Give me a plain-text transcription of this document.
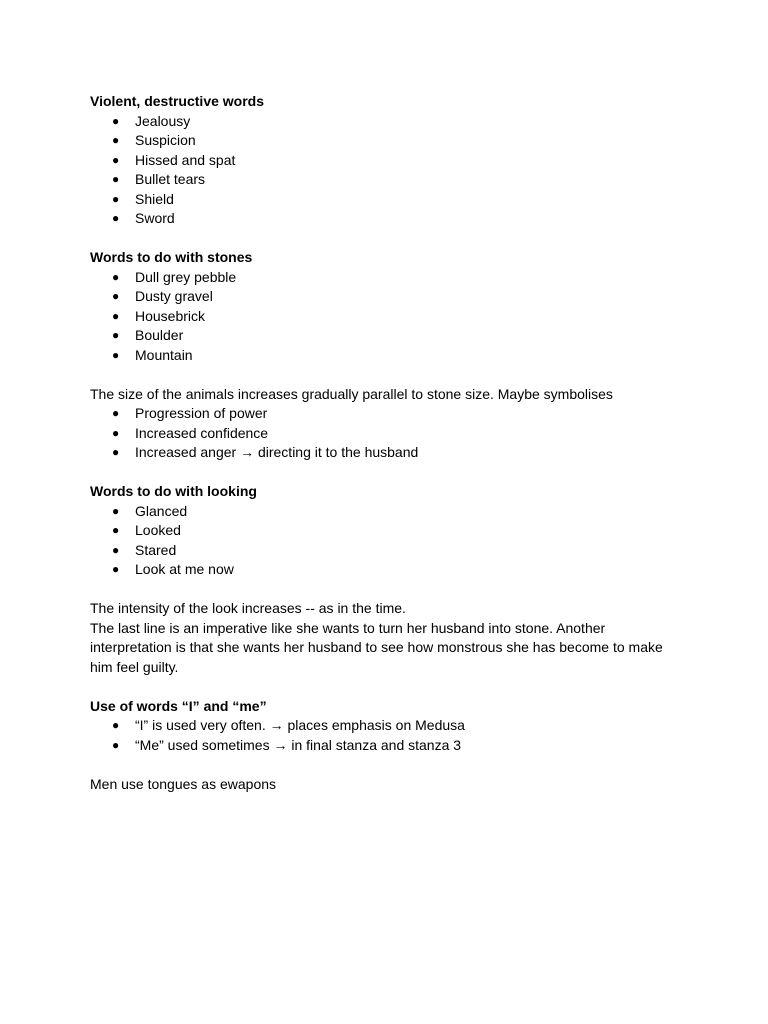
Violent, destructive words

● Jealousy
● Suspicion
● Hissed and spat
● Bullet tears
● Shield
● Sword

Words to do with stones

● Dull grey pebble
● Dusty gravel
● Housebrick
● Boulder
● Mountain

The size of the animals increases gradually parallel to stone size. Maybe symbolises

● Progression of power
● Increased confidence
● Increased anger → directing it to the husband

Words to do with looking

● Glanced
● Looked
● Stared
● Look at me now
The intensity of the look increases -- as in the time.
The last line is an imperative like she wants to turn her husband into stone. Another
interpretation is that she wants her husband to see how monstrous she has become to make
him feel guilty.

Use of words “I” and “me”

● “I” is used very often. → places emphasis on Medusa
● “Me” used sometimes → in final stanza and stanza 3

Men use tongues as ewapons
